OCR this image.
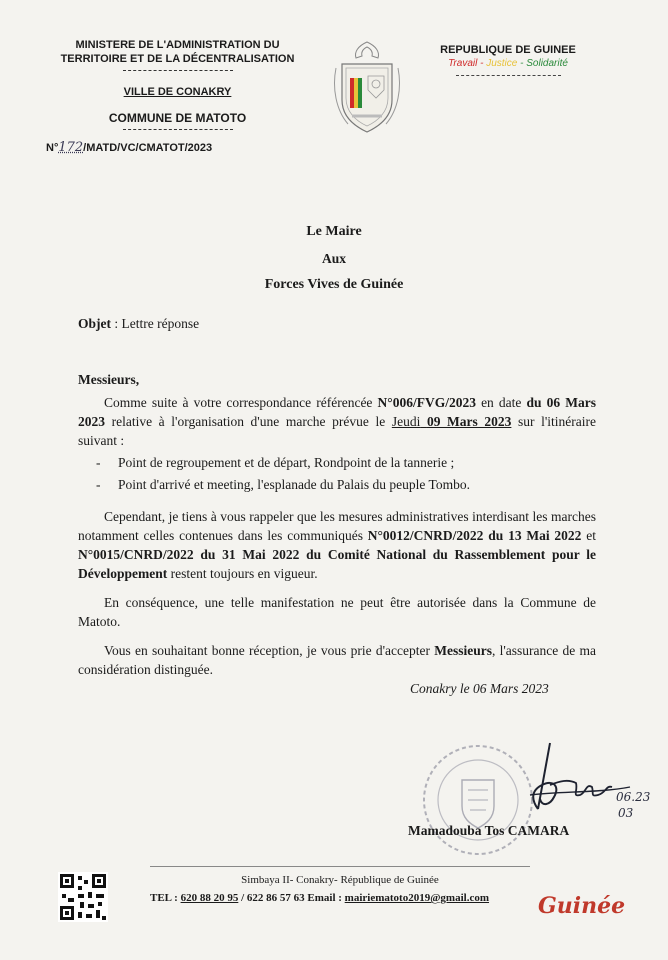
MINISTERE DE L'ADMINISTRATION DU
TERRITOIRE ET DE LA DÉCENTRALISATION
VILLE DE CONAKRY
COMMUNE DE MATOTO
N°172/MATD/VC/CMATOT/2023
REPUBLIQUE DE GUINEE
Travail - Justice - Solidarité
Le Maire
Aux
Forces Vives de Guinée
Objet : Lettre réponse

Messieurs,

Comme suite à votre correspondance référencée N°006/FVG/2023 en date du 06 Mars 2023 relative à l'organisation d'une marche prévue le Jeudi 09 Mars 2023 sur l'itinéraire suivant :

- Point de regroupement et de départ, Rondpoint de la tannerie ;
- Point d'arrivé et meeting, l'esplanade du Palais du peuple Tombo.

Cependant, je tiens à vous rappeler que les mesures administratives interdisant les marches notamment celles contenues dans les communiqués N°0012/CNRD/2022 du 13 Mai 2022 et N°0015/CNRD/2022 du 31 Mai 2022 du Comité National du Rassemblement pour le Développement restent toujours en vigueur.

En conséquence, une telle manifestation ne peut être autorisée dans la Commune de Matoto.

Vous en souhaitant bonne réception, je vous prie d'accepter Messieurs, l'assurance de ma considération distinguée.

Conakry le 06 Mars 2023
06.23
03
Mamadouba Tos CAMARA
Simbaya II- Conakry- République de Guinée
TEL : 620 88 20 95 / 622 86 57 63 Email : mairiematoto2019@gmail.com	Guinée
